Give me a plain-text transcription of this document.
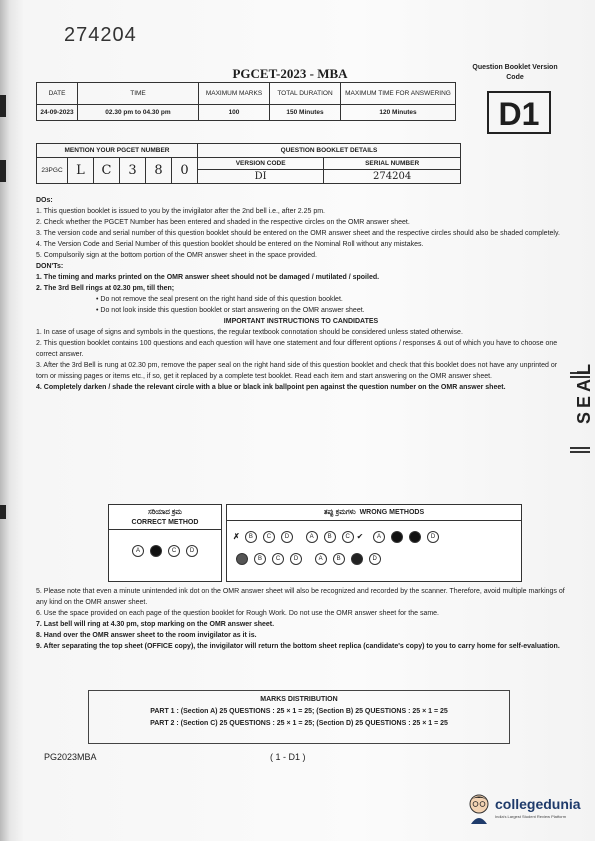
274204
PGCET-2023 - MBA	Question Booklet Version Code
D1
DATE	TIME	MAXIMUM MARKS	TOTAL DURATION	MAXIMUM TIME FOR ANSWERING
24-09-2023	02.30 pm to 04.30 pm	100	150 Minutes	120 Minutes
MENTION YOUR PGCET NUMBER						QUESTION BOOKLET DETAILS	
23PGC	L	C	3	8	0	VERSION CODE	SERIAL NUMBER
						DI	274204

DOs:

1. This question booklet is issued to you by the invigilator after the 2nd bell i.e., after 2.25 pm.

2. Check whether the PGCET Number has been entered and shaded in the respective circles on the OMR answer sheet.

3. The version code and serial number of this question booklet should be entered on the OMR answer sheet and the respective circles should also be shaded completely.

4. The Version Code and Serial Number of this question booklet should be entered on the Nominal Roll without any mistakes.

5. Compulsorily sign at the bottom portion of the OMR answer sheet in the space provided.

DON'Ts:

1. The timing and marks printed on the OMR answer sheet should not be damaged / mutilated / spoiled.

2. The 3rd Bell rings at 02.30 pm, till then;

• Do not remove the seal present on the right hand side of this question booklet.

• Do not look inside this question booklet or start answering on the OMR answer sheet.

IMPORTANT INSTRUCTIONS TO CANDIDATES

1. In case of usage of signs and symbols in the questions, the regular textbook connotation should be considered unless stated otherwise.

2. This question booklet contains 100 questions and each question will have one statement and four different options / responses & out of which you have to choose one correct answer.

3. After the 3rd Bell is rung at 02.30 pm, remove the paper seal on the right hand side of this question booklet and check that this booklet does not have any unprinted or torn or missing pages or items etc., if so, get it replaced by a complete test booklet. Read each item and start answering on the OMR answer sheet.

4. Completely darken / shade the relevant circle with a blue or black ink ballpoint pen against the question number on the OMR answer sheet.

ಸರಿಯಾದ ಕ್ರಮ
CORRECT METHOD
A B C D
ತಪ್ಪು ಕ್ರಮಗಳು WRONG METHODS
✗ B C D	A B C ✔ A	D
B C D	A B	D

5. Please note that even a minute unintended ink dot on the OMR answer sheet will also be recognized and recorded by the scanner. Therefore, avoid multiple markings of any kind on the OMR answer sheet.

6. Use the space provided on each page of the question booklet for Rough Work. Do not use the OMR answer sheet for the same.

7. Last bell will ring at 4.30 pm, stop marking on the OMR answer sheet.

8. Hand over the OMR answer sheet to the room invigilator as it is.

9. After separating the top sheet (OFFICE copy), the invigilator will return the bottom sheet replica (candidate's copy) to you to carry home for self-evaluation.

MARKS DISTRIBUTION
PART 1 : (Section A) 25 QUESTIONS : 25 × 1 = 25; (Section B) 25 QUESTIONS : 25 × 1 = 25
PART 2 : (Section C) 25 QUESTIONS : 25 × 1 = 25; (Section D) 25 QUESTIONS : 25 × 1 = 25
PG2023MBA	( 1 - D1 )
SEAL
collegedunia
India's Largest Student Review Platform
